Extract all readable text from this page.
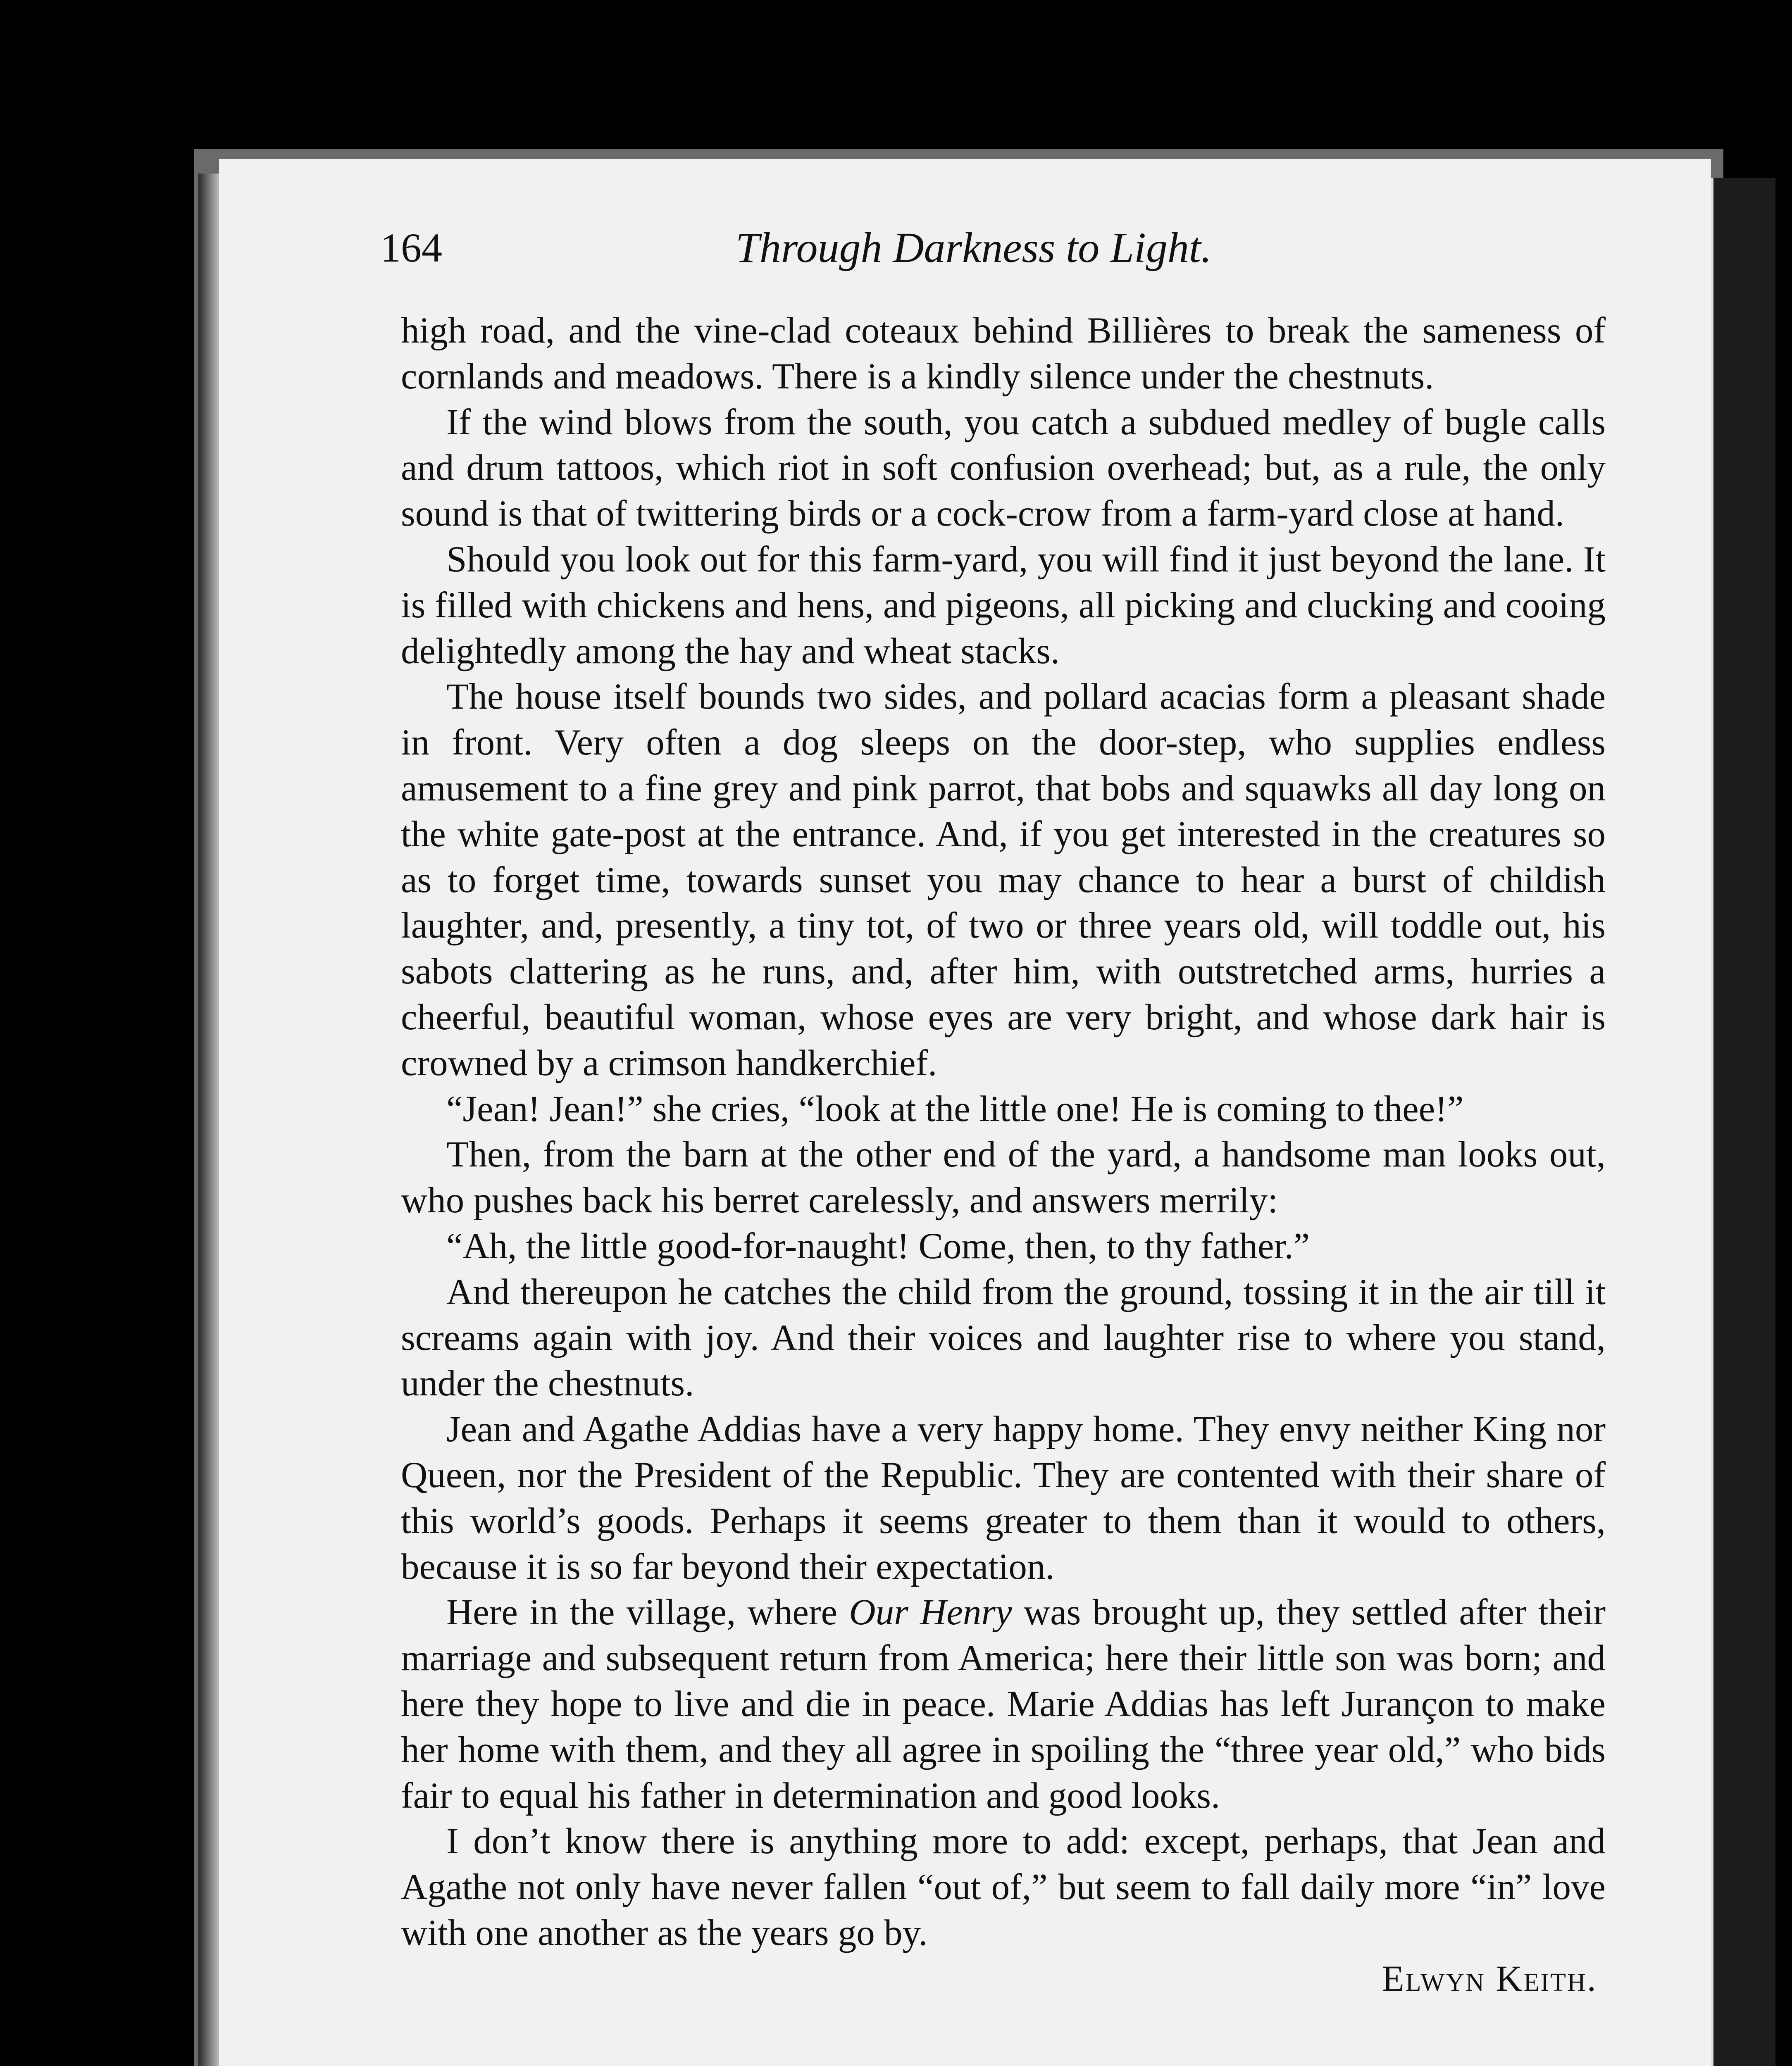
164	Through Darkness to Light.

high road, and the vine-clad coteaux behind Billières to break the sameness of cornlands and meadows. There is a kindly silence under the chestnuts.

If the wind blows from the south, you catch a subdued medley of bugle calls and drum tattoos, which riot in soft confusion overhead; but, as a rule, the only sound is that of twittering birds or a cock-crow from a farm-yard close at hand.

Should you look out for this farm-yard, you will find it just beyond the lane. It is filled with chickens and hens, and pigeons, all picking and clucking and cooing delightedly among the hay and wheat stacks.

The house itself bounds two sides, and pollard acacias form a pleasant shade in front. Very often a dog sleeps on the door-step, who supplies endless amusement to a fine grey and pink parrot, that bobs and squawks all day long on the white gate-post at the entrance. And, if you get interested in the creatures so as to forget time, towards sunset you may chance to hear a burst of childish laughter, and, presently, a tiny tot, of two or three years old, will toddle out, his sabots clattering as he runs, and, after him, with outstretched arms, hurries a cheerful, beautiful woman, whose eyes are very bright, and whose dark hair is crowned by a crimson handkerchief.

“Jean! Jean!” she cries, “look at the little one! He is coming to thee!”

Then, from the barn at the other end of the yard, a handsome man looks out, who pushes back his berret carelessly, and answers merrily:

“Ah, the little good-for-naught! Come, then, to thy father.”

And thereupon he catches the child from the ground, tossing it in the air till it screams again with joy. And their voices and laughter rise to where you stand, under the chestnuts.

Jean and Agathe Addias have a very happy home. They envy neither King nor Queen, nor the President of the Republic. They are contented with their share of this world’s goods. Perhaps it seems greater to them than it would to others, because it is so far beyond their expectation.

Here in the village, where Our Henry was brought up, they settled after their marriage and subsequent return from America; here their little son was born; and here they hope to live and die in peace. Marie Addias has left Jurançon to make her home with them, and they all agree in spoiling the “three year old,” who bids fair to equal his father in determination and good looks.

I don’t know there is anything more to add: except, perhaps, that Jean and Agathe not only have never fallen “out of,” but seem to fall daily more “in” love with one another as the years go by.

Elwyn Keith.
